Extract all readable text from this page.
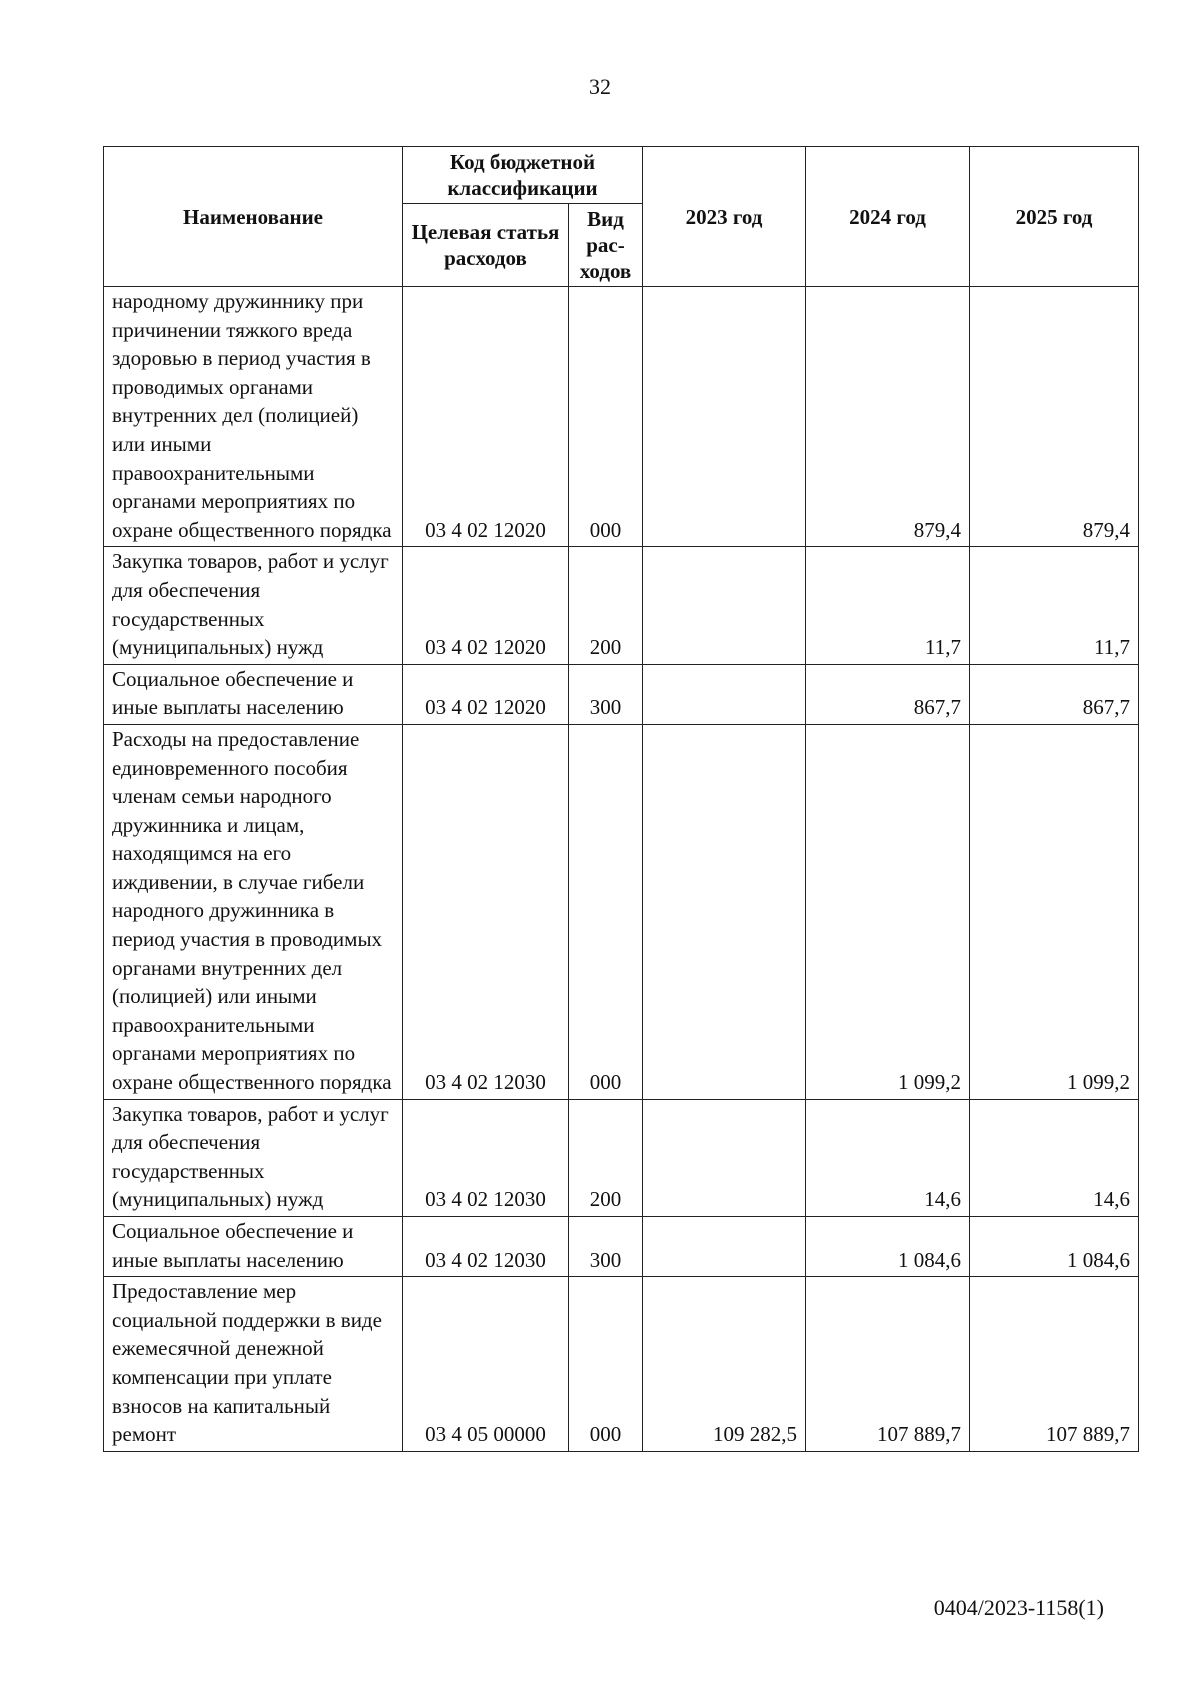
32
Наименование	Код бюджетной классификации		2023 год	2024 год	2025 год
	Целевая статья расходов	Вид рас-ходов			
народному дружиннику при причинении тяжкого вреда здоровью в период участия в проводимых органами внутренних дел (полицией) или иными правоохранительными органами мероприятиях по охране общественного порядка	03 4 02 12020	000		879,4	879,4
Закупка товаров, работ и услуг для обеспечения государственных (муниципальных) нужд	03 4 02 12020	200		11,7	11,7
Социальное обеспечение и иные выплаты населению	03 4 02 12020	300		867,7	867,7
Расходы на предоставление единовременного пособия членам семьи народного дружинника и лицам, находящимся на его иждивении, в случае гибели народного дружинника в период участия в проводимых органами внутренних дел (полицией) или иными правоохранительными органами мероприятиях по охране общественного порядка	03 4 02 12030	000		1 099,2	1 099,2
Закупка товаров, работ и услуг для обеспечения государственных (муниципальных) нужд	03 4 02 12030	200		14,6	14,6
Социальное обеспечение и иные выплаты населению	03 4 02 12030	300		1 084,6	1 084,6
Предоставление мер социальной поддержки в виде ежемесячной денежной компенсации при уплате взносов на капитальный ремонт	03 4 05 00000	000	109 282,5	107 889,7	107 889,7
0404/2023-1158(1)
